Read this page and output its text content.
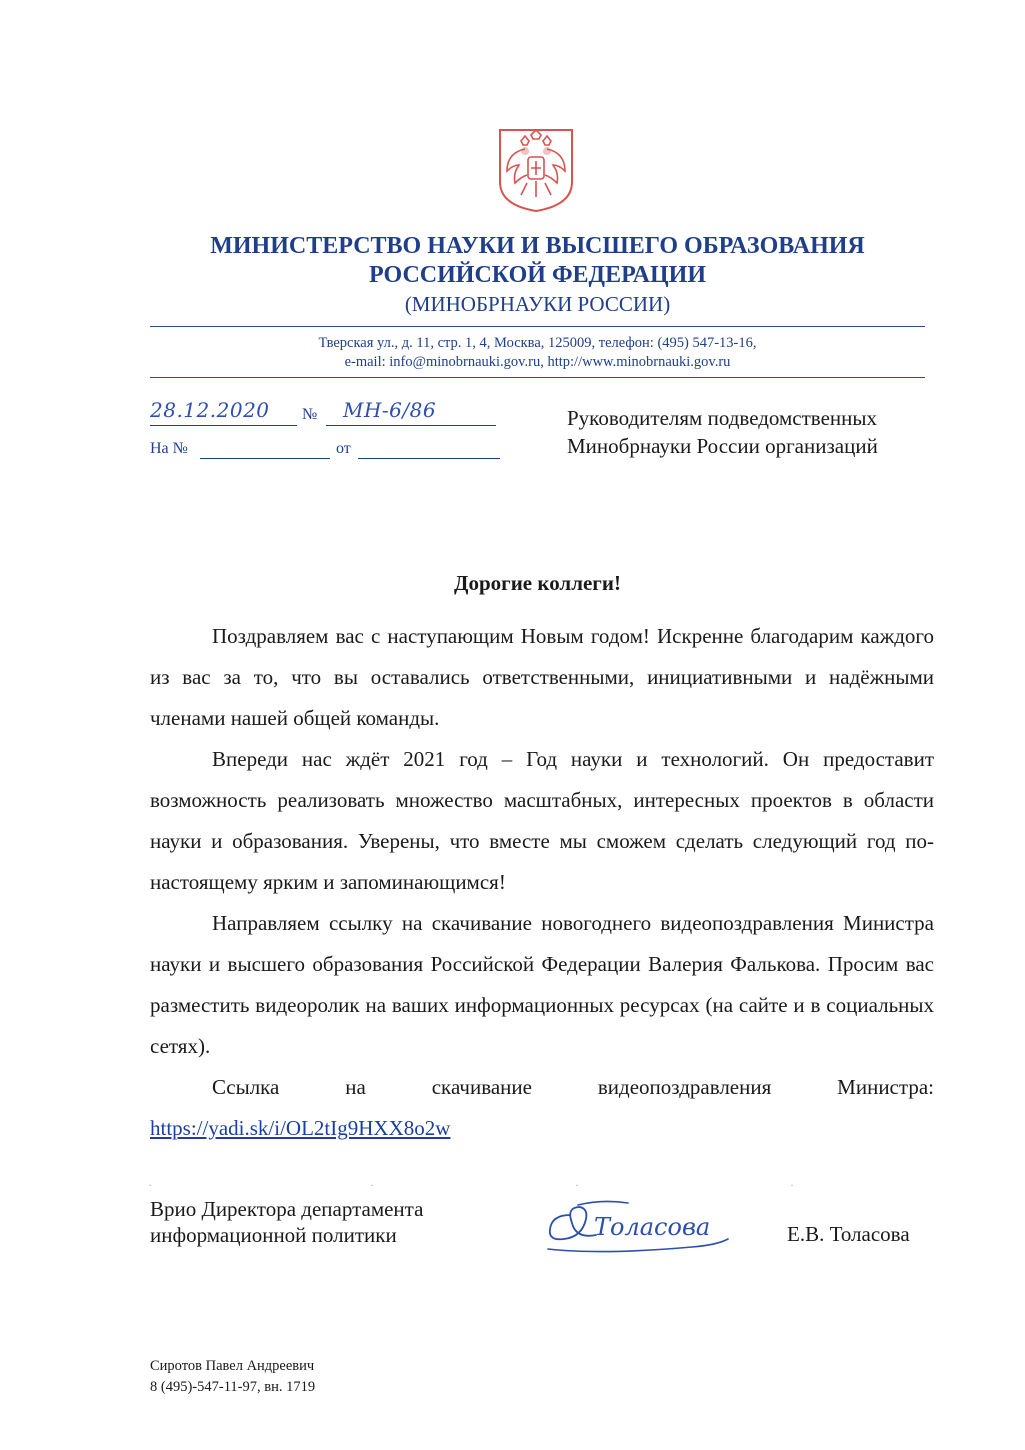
МИНИСТЕРСТВО НАУКИ И ВЫСШЕГО ОБРАЗОВАНИЯ
РОССИЙСКОЙ ФЕДЕРАЦИИ
(МИНОБРНАУКИ РОССИИ)
Тверская ул., д. 11, стр. 1, 4, Москва, 125009, телефон: (495) 547-13-16,
e-mail: info@minobrnauki.gov.ru, http://www.minobrnauki.gov.ru
28.12.2020 № МН-6/86
На №	от
Руководителям подведомственных
Минобрнауки России организаций
Дорогие коллеги!

Поздравляем вас с наступающим Новым годом! Искренне благодарим каждого из вас за то, что вы оставались ответственными, инициативными и надёжными членами нашей общей команды.

Впереди нас ждёт 2021 год – Год науки и технологий. Он предоставит возможность реализовать множество масштабных, интересных проектов в области науки и образования. Уверены, что вместе мы сможем сделать следующий год по-настоящему ярким и запоминающимся!

Направляем ссылку на скачивание новогоднего видеопоздравления Министра науки и высшего образования Российской Федерации Валерия Фалькова. Просим вас разместить видеоролик на ваших информационных ресурсах (на сайте и в социальных сетях).

Ссылка	на	скачивание	видеопоздравления	Министра:
https://yadi.sk/i/OL2tIg9HXX8o2w
·	·	·	·
Врио Директора департамента
информационной политики	Толасова	Е.В. Толасова
Сиротов Павел Андреевич
8 (495)-547-11-97, вн. 1719
